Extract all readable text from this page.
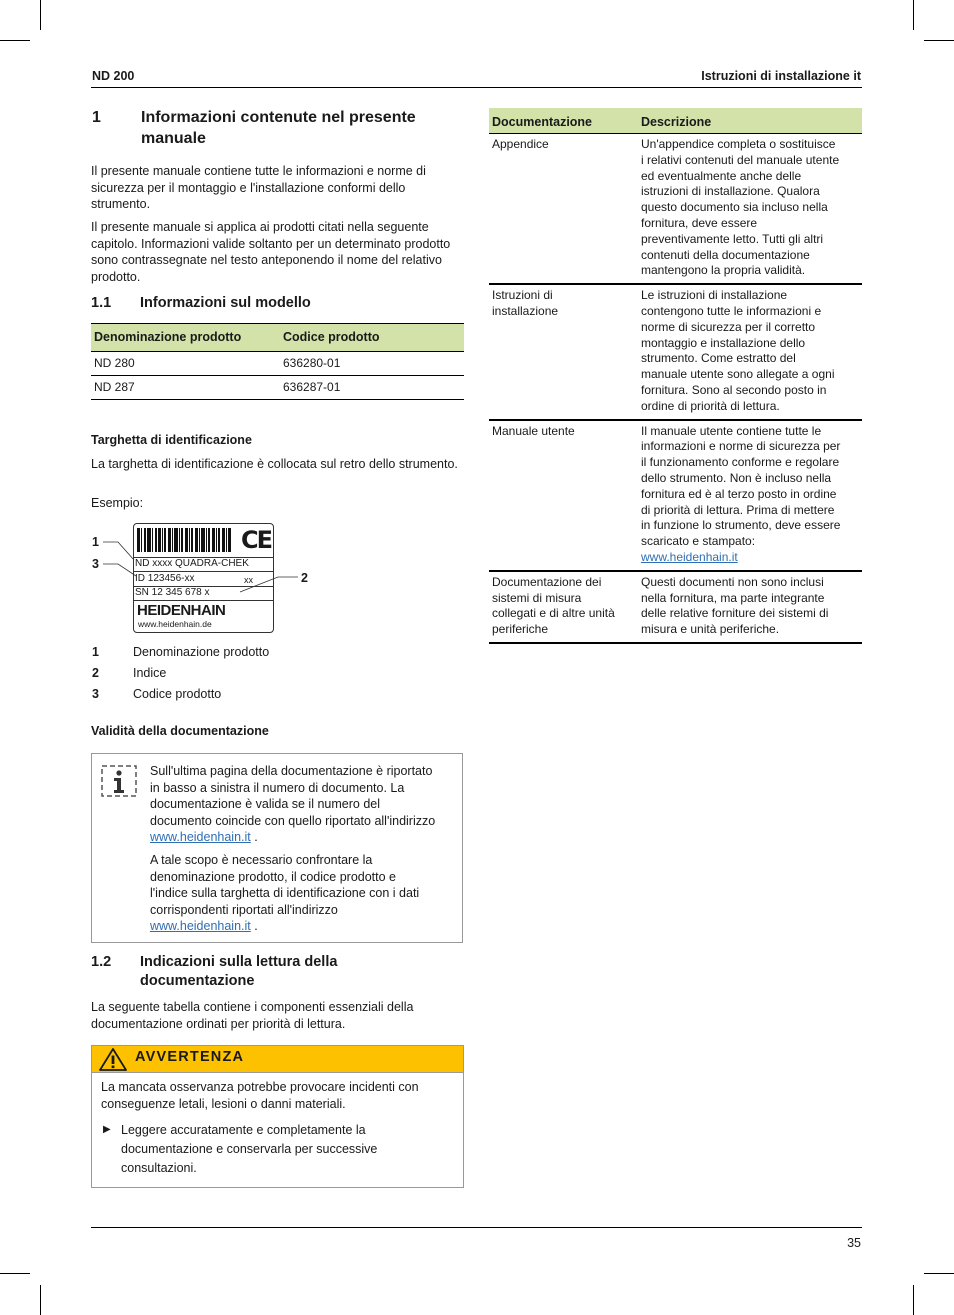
ND 200	Istruzioni di installazione it
1	Informazioni contenute nel presente
manuale

Il presente manuale contiene tutte le informazioni e norme di sicurezza per il montaggio e l'installazione conformi dello strumento.

Il presente manuale si applica ai prodotti citati nella seguente capitolo. Informazioni valide soltanto per un determinato prodotto sono contrassegnate nel testo anteponendo il nome del relativo prodotto.

1.1 Informazioni sul modello
Denominazione prodotto	Codice prodotto
ND 280	636280-01
ND 287	636287-01
Targhetta di identificazione

La targhetta di identificazione è collocata sul retro dello strumento.

Esempio:

CE
ND xxxx QUADRA-CHEK
ID 123456-xx	xx
SN 12 345 678 x
HEIDENHAIN
www.heidenhain.de
1
3
2
1	Denominazione prodotto
2	Indice
3	Codice prodotto
Validità della documentazione

Sull'ultima pagina della documentazione è riportato in basso a sinistra il numero di documento. La documentazione è valida se il numero del documento coincide con quello riportato all'indirizzo www.heidenhain.it .

A tale scopo è necessario confrontare la denominazione prodotto, il codice prodotto e l'indice sulla targhetta di identificazione con i dati corrispondenti riportati all'indirizzo www.heidenhain.it .

1.2 Indicazioni sulla lettura della
documentazione

La seguente tabella contiene i componenti essenziali della documentazione ordinati per priorità di lettura.

AVVERTENZA

La mancata osservanza potrebbe provocare incidenti con conseguenze letali, lesioni o danni materiali.

▶ Leggere accuratamente e completamente la documentazione e conservarla per successive consultazioni.

Documentazione	Descrizione
Appendice	Un'appendice completa o sostituisce i relativi contenuti del manuale utente ed eventualmente anche delle istruzioni di installazione. Qualora questo documento sia incluso nella fornitura, deve essere preventivamente letto. Tutti gli altri contenuti della documentazione mantengono la propria validità.
Istruzioni di installazione	Le istruzioni di installazione contengono tutte le informazioni e norme di sicurezza per il corretto montaggio e installazione dello strumento. Come estratto del manuale utente sono allegate a ogni fornitura. Sono al secondo posto in ordine di priorità di lettura.
Manuale utente	Il manuale utente contiene tutte le informazioni e norme di sicurezza per il funzionamento conforme e regolare dello strumento. Non è incluso nella fornitura ed è al terzo posto in ordine di priorità di lettura. Prima di mettere in funzione lo strumento, deve essere scaricato e stampato: www.heidenhain.it
Documentazione dei sistemi di misura collegati e di altre unità periferiche	Questi documenti non sono inclusi nella fornitura, ma parte integrante delle relative forniture dei sistemi di misura e unità periferiche.
35
